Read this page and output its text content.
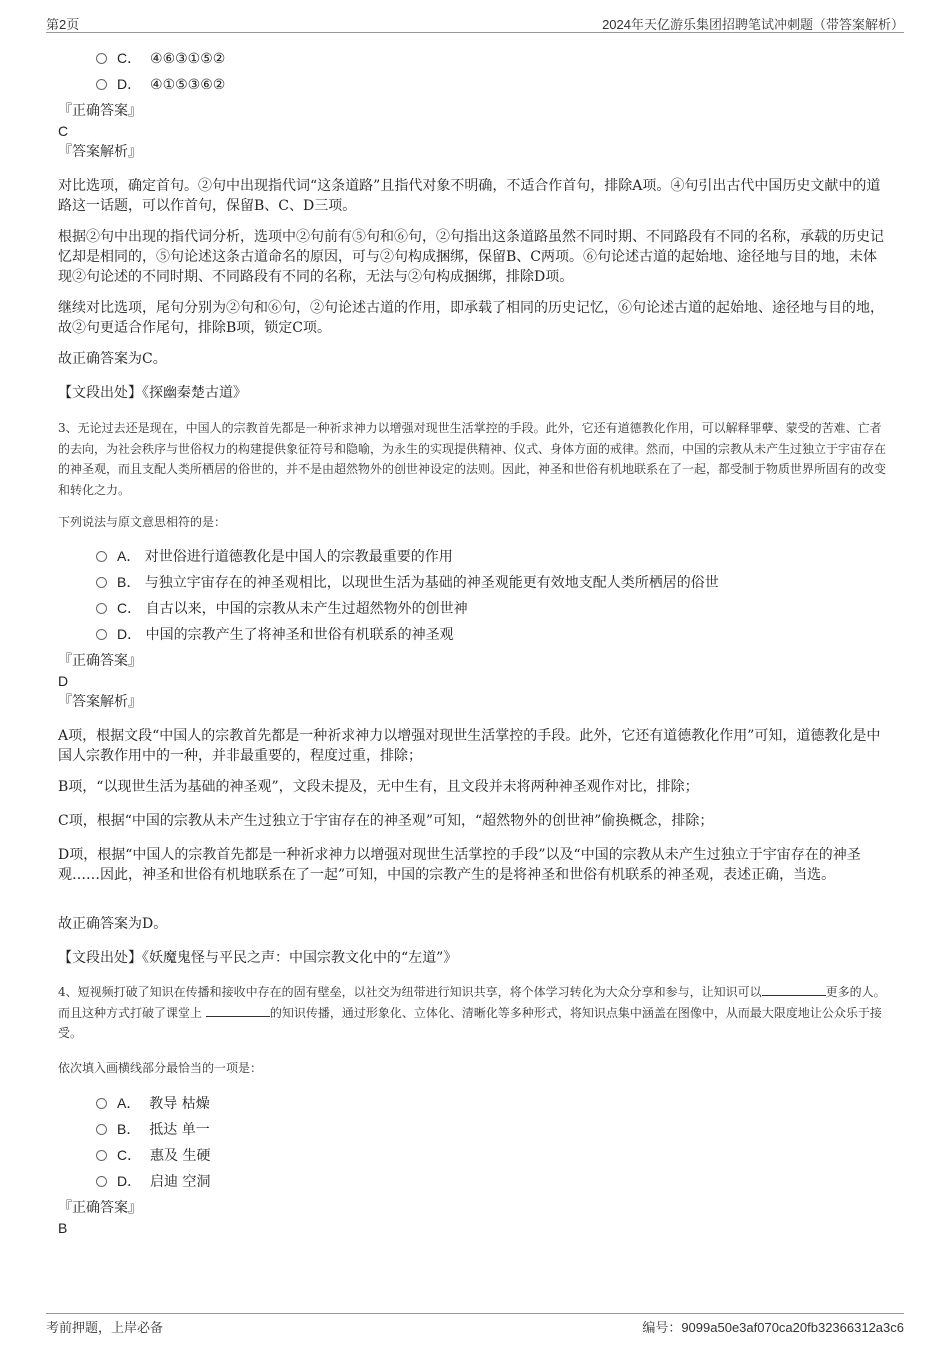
第2页	2024年天亿游乐集团招聘笔试冲刺题（带答案解析）
C． ④⑥③①⑤②
D． ④①⑤③⑥②
『正确答案』
C
『答案解析』
对比选项，确定首句。②句中出现指代词“这条道路”且指代对象不明确，不适合作首句，排除A项。④句引出古代中国历史文献中的道路这一话题，可以作首句，保留B、C、D三项。
根据②句中出现的指代词分析，选项中②句前有⑤句和⑥句，②句指出这条道路虽然不同时期、不同路段有不同的名称，承载的历史记忆却是相同的，⑤句论述这条古道命名的原因，可与②句构成捆绑，保留B、C两项。⑥句论述古道的起始地、途径地与目的地，未体现②句论述的不同时期、不同路段有不同的名称，无法与②句构成捆绑，排除D项。
继续对比选项，尾句分别为②句和⑥句，②句论述古道的作用，即承载了相同的历史记忆，⑥句论述古道的起始地、途径地与目的地，故②句更适合作尾句，排除B项，锁定C项。
故正确答案为C。
【文段出处】《探幽秦楚古道》
3、无论过去还是现在，中国人的宗教首先都是一种祈求神力以增强对现世生活掌控的手段。此外，它还有道德教化作用，可以解释罪孽、蒙受的苦难、亡者的去向，为社会秩序与世俗权力的构建提供象征符号和隐喻，为永生的实现提供精神、仪式、身体方面的戒律。然而，中国的宗教从未产生过独立于宇宙存在的神圣观，而且支配人类所栖居的俗世的，并不是由超然物外的创世神设定的法则。因此，神圣和世俗有机地联系在了一起，都受制于物质世界所固有的改变和转化之力。
下列说法与原文意思相符的是：
A． 对世俗进行道德教化是中国人的宗教最重要的作用
B． 与独立宇宙存在的神圣观相比，以现世生活为基础的神圣观能更有效地支配人类所栖居的俗世
C． 自古以来，中国的宗教从未产生过超然物外的创世神
D． 中国的宗教产生了将神圣和世俗有机联系的神圣观
『正确答案』
D
『答案解析』
A项，根据文段“中国人的宗教首先都是一种祈求神力以增强对现世生活掌控的手段。此外，它还有道德教化作用”可知，道德教化是中国人宗教作用中的一种，并非最重要的，程度过重，排除；
B项，“以现世生活为基础的神圣观”，文段未提及，无中生有，且文段并未将两种神圣观作对比，排除；
C项，根据“中国的宗教从未产生过独立于宇宙存在的神圣观”可知，“超然物外的创世神”偷换概念，排除；
D项，根据“中国人的宗教首先都是一种祈求神力以增强对现世生活掌控的手段”以及“中国的宗教从未产生过独立于宇宙存在的神圣观……因此，神圣和世俗有机地联系在了一起”可知，中国的宗教产生的是将神圣和世俗有机联系的神圣观，表述正确，当选。
故正确答案为D。
【文段出处】《妖魔鬼怪与平民之声：中国宗教文化中的“左道”》
4、短视频打破了知识在传播和接收中存在的固有壁垒，以社交为纽带进行知识共享，将个体学习转化为大众分享和参与，让知识可以	更多的人。而且这种方式打破了课堂上	的知识传播，通过形象化、立体化、清晰化等多种形式，将知识点集中涵盖在图像中，从而最大限度地让公众乐于接受。
依次填入画横线部分最恰当的一项是：
A． 教导 枯燥
B． 抵达 单一
C． 惠及 生硬
D． 启迪 空洞
『正确答案』
B
考前押题，上岸必备	编号：9099a50e3af070ca20fb32366312a3c6
